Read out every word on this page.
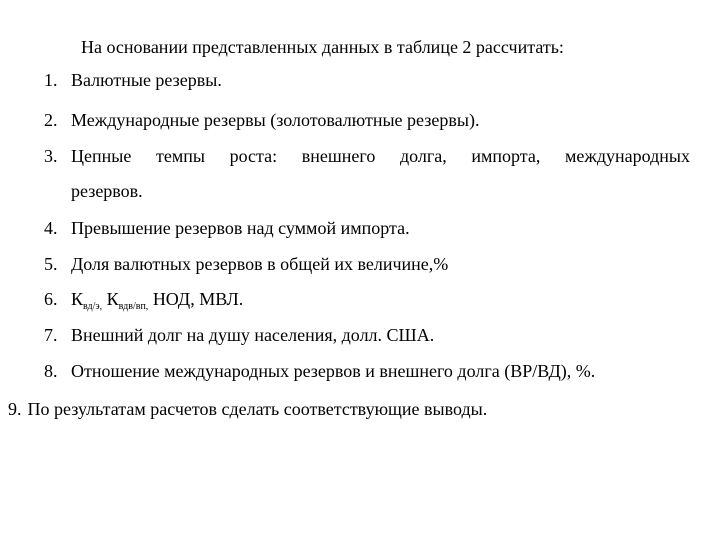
На основании представленных данных в таблице 2 рассчитать:
1. Валютные резервы.
2. Международные резервы (золотовалютные резервы).
3. Цепные темпы роста: внешнего долга, импорта, международных
резервов.
4. Превышение резервов над суммой импорта.
5. Доля валютных резервов в общей их величине,%
6. $К_{вд/э,}$ $К_{вдв/вп,}$ НОД, МВЛ.
7. Внешний долг на душу населения, долл. США.
8. Отношение международных резервов и внешнего долга (ВР/ВД), %.
9. По результатам расчетов сделать соответствующие выводы.
